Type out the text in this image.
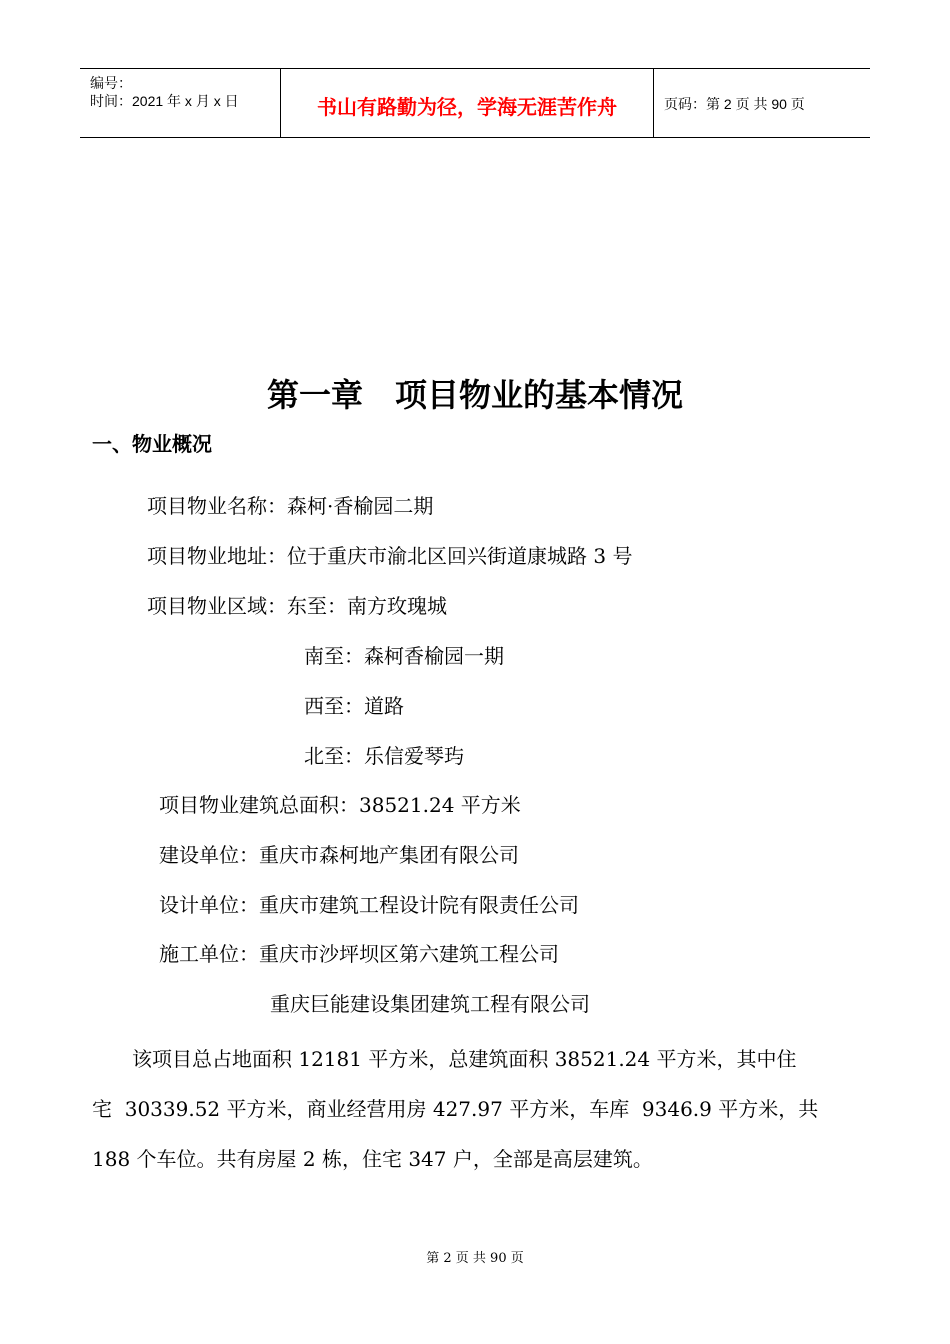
编号：
时间：2021 年 x 月 x 日	书山有路勤为径，学海无涯苦作舟	页码：第 2 页 共 90 页
第一章　项目物业的基本情况
一、物业概况
项目物业名称：森柯·香榆园二期
项目物业地址：位于重庆市渝北区回兴街道康城路 3 号
项目物业区域：东至：南方玫瑰城
南至：森柯香榆园一期
西至：道路
北至：乐信爱琴玙
项目物业建筑总面积：38521.24 平方米
建设单位：重庆市森柯地产集团有限公司
设计单位：重庆市建筑工程设计院有限责任公司
施工单位：重庆市沙坪坝区第六建筑工程公司
重庆巨能建设集团建筑工程有限公司
　　该项目总占地面积 12181 平方米，总建筑面积 38521.24 平方米，其中住
宅  30339.52 平方米，商业经营用房 427.97 平方米，车库  9346.9 平方米，共
188 个车位。共有房屋 2 栋，住宅 347 户，全部是高层建筑。
第 2 页 共 90 页
